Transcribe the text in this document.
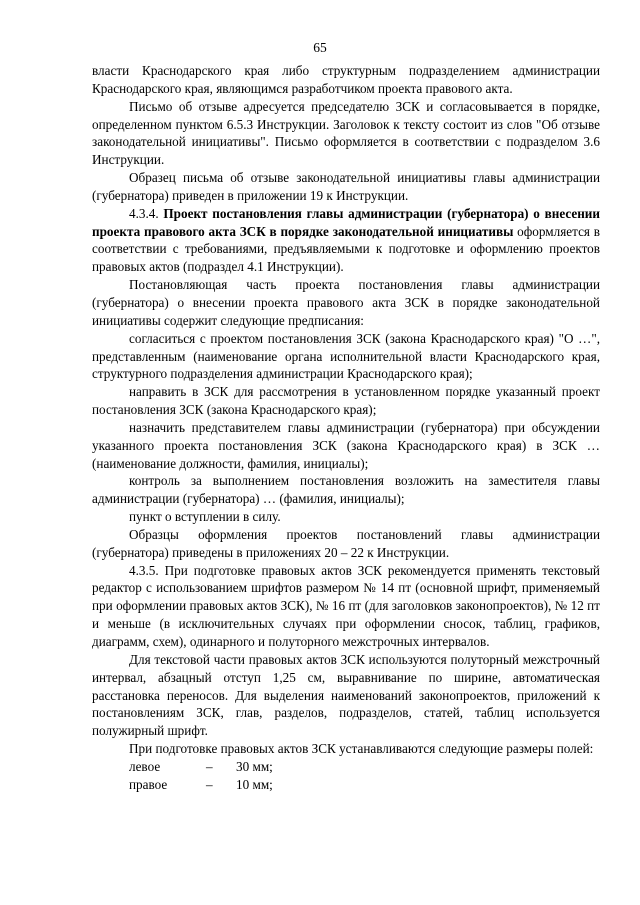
65

власти Краснодарского края либо структурным подразделением администрации Краснодарского края, являющимся разработчиком проекта правового акта.

Письмо об отзыве адресуется председателю ЗСК и согласовывается в порядке, определенном пунктом 6.5.3 Инструкции. Заголовок к тексту состоит из слов "Об отзыве законодательной инициативы". Письмо оформляется в соответствии с подразделом 3.6 Инструкции.

Образец письма об отзыве законодательной инициативы главы администрации (губернатора) приведен в приложении 19 к Инструкции.

4.3.4. Проект постановления главы администрации (губернатора) о внесении проекта правового акта ЗСК в порядке законодательной инициативы оформляется в соответствии с требованиями, предъявляемыми к подготовке и оформлению проектов правовых актов (подраздел 4.1 Инструкции).

Постановляющая часть проекта постановления главы администрации (губернатора) о внесении проекта правового акта ЗСК в порядке законодательной инициативы содержит следующие предписания:

согласиться с проектом постановления ЗСК (закона Краснодарского края) "О …", представленным (наименование органа исполнительной власти Краснодарского края, структурного подразделения администрации Краснодарского края);

направить в ЗСК для рассмотрения в установленном порядке указанный проект постановления ЗСК (закона Краснодарского края);

назначить представителем главы администрации (губернатора) при обсуждении указанного проекта постановления ЗСК (закона Краснодарского края) в ЗСК … (наименование должности, фамилия, инициалы);

контроль за выполнением постановления возложить на заместителя главы администрации (губернатора) … (фамилия, инициалы);

пункт о вступлении в силу.

Образцы оформления проектов постановлений главы администрации (губернатора) приведены в приложениях 20 – 22 к Инструкции.

4.3.5. При подготовке правовых актов ЗСК рекомендуется применять текстовый редактор с использованием шрифтов размером № 14 пт (основной шрифт, применяемый при оформлении правовых актов ЗСК), № 16 пт (для заголовков законопроектов), № 12 пт и меньше (в исключительных случаях при оформлении сносок, таблиц, графиков, диаграмм, схем), одинарного и полуторного межстрочных интервалов.

Для текстовой части правовых актов ЗСК используются полуторный межстрочный интервал, абзацный отступ 1,25 см, выравнивание по ширине, автоматическая расстановка переносов. Для выделения наименований законопроектов, приложений к постановлениям ЗСК, глав, разделов, подразделов, статей, таблиц используется полужирный шрифт.

При подготовке правовых актов ЗСК устанавливаются следующие размеры полей:

левое	–	30 мм;
правое	–	10 мм;
